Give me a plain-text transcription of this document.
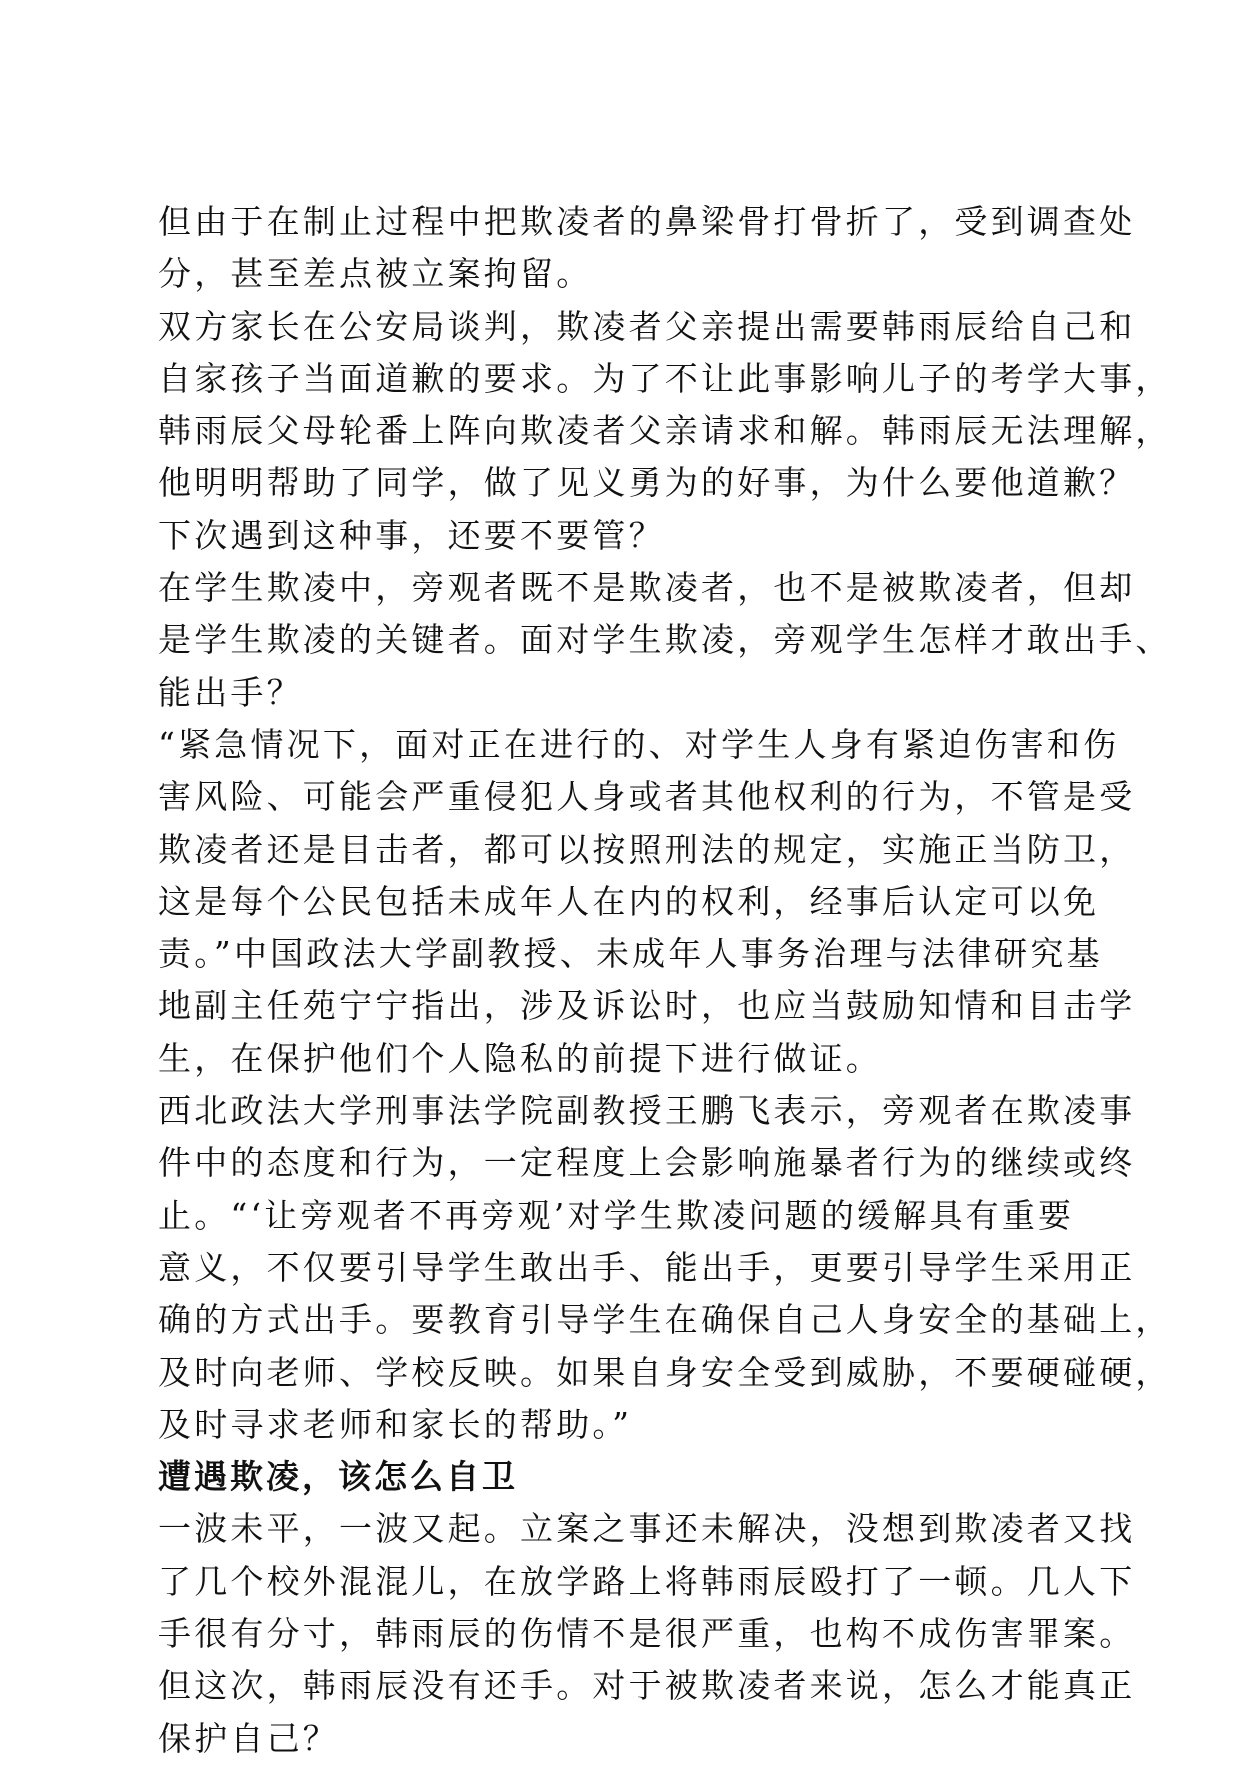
但由于在制止过程中把欺凌者的鼻梁骨打骨折了，受到调查处
分，甚至差点被立案拘留。
双方家长在公安局谈判，欺凌者父亲提出需要韩雨辰给自己和
自家孩子当面道歉的要求。为了不让此事影响儿子的考学大事，
韩雨辰父母轮番上阵向欺凌者父亲请求和解。韩雨辰无法理解，
他明明帮助了同学，做了见义勇为的好事，为什么要他道歉？
下次遇到这种事，还要不要管？
在学生欺凌中，旁观者既不是欺凌者，也不是被欺凌者，但却
是学生欺凌的关键者。面对学生欺凌，旁观学生怎样才敢出手、
能出手？
“紧急情况下，面对正在进行的、对学生人身有紧迫伤害和伤
害风险、可能会严重侵犯人身或者其他权利的行为，不管是受
欺凌者还是目击者，都可以按照刑法的规定，实施正当防卫，
这是每个公民包括未成年人在内的权利，经事后认定可以免
责。”中国政法大学副教授、未成年人事务治理与法律研究基
地副主任苑宁宁指出，涉及诉讼时，也应当鼓励知情和目击学
生，在保护他们个人隐私的前提下进行做证。
西北政法大学刑事法学院副教授王鹏飞表示，旁观者在欺凌事
件中的态度和行为，一定程度上会影响施暴者行为的继续或终
止。“‘让旁观者不再旁观’对学生欺凌问题的缓解具有重要
意义，不仅要引导学生敢出手、能出手，更要引导学生采用正
确的方式出手。要教育引导学生在确保自己人身安全的基础上，
及时向老师、学校反映。如果自身安全受到威胁，不要硬碰硬，
及时寻求老师和家长的帮助。”
遭遇欺凌，该怎么自卫
一波未平，一波又起。立案之事还未解决，没想到欺凌者又找
了几个校外混混儿，在放学路上将韩雨辰殴打了一顿。几人下
手很有分寸，韩雨辰的伤情不是很严重，也构不成伤害罪案。
但这次，韩雨辰没有还手。对于被欺凌者来说，怎么才能真正
保护自己？
